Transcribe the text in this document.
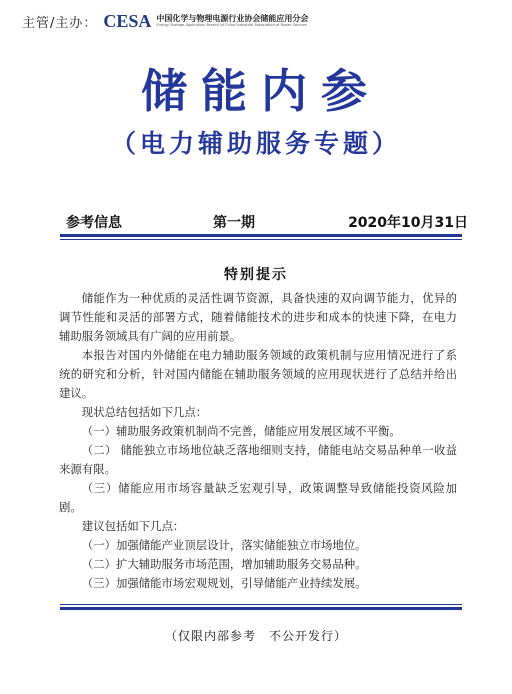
主管/主办： CESA 中国化学与物理电源行业协会储能应用分会
Energy Storage Application Branch of China Industrial Association of Power Sources
储能内参
（电力辅助服务专题）
参考信息	第一期	2020年10月31日
特别提示

储能作为一种优质的灵活性调节资源，具备快速的双向调节能力，优异的调节性能和灵活的部署方式，随着储能技术的进步和成本的快速下降，在电力辅助服务领域具有广阔的应用前景。

本报告对国内外储能在电力辅助服务领域的政策机制与应用情况进行了系统的研究和分析，针对国内储能在辅助服务领域的应用现状进行了总结并给出建议。

现状总结包括如下几点：

（一）辅助服务政策机制尚不完善，储能应用发展区域不平衡。

（二） 储能独立市场地位缺乏落地细则支持，储能电站交易品种单一收益来源有限。

（三）储能应用市场容量缺乏宏观引导，政策调整导致储能投资风险加剧。

建议包括如下几点：

（一）加强储能产业顶层设计，落实储能独立市场地位。

（二）扩大辅助服务市场范围，增加辅助服务交易品种。

（三）加强储能市场宏观规划，引导储能产业持续发展。

（仅限内部参考　不公开发行）
